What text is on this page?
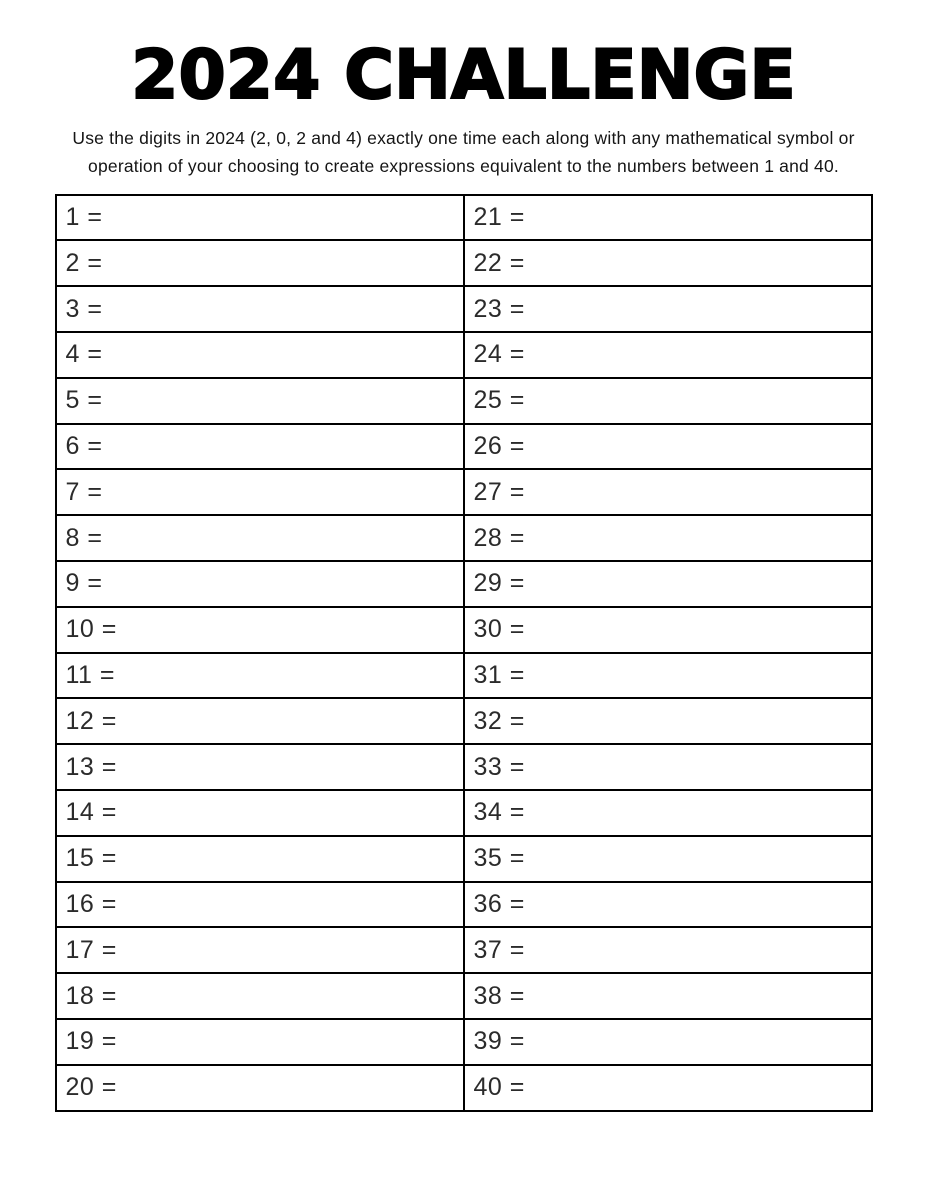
2024 CHALLENGE

Use the digits in 2024 (2, 0, 2 and 4) exactly one time each along with any mathematical symbol or operation of your choosing to create expressions equivalent to the numbers between 1 and 40.

1 =	21 =
2 =	22 =
3 =	23 =
4 =	24 =
5 =	25 =
6 =	26 =
7 =	27 =
8 =	28 =
9 =	29 =
10 =	30 =
11 =	31 =
12 =	32 =
13 =	33 =
14 =	34 =
15 =	35 =
16 =	36 =
17 =	37 =
18 =	38 =
19 =	39 =
20 =	40 =
